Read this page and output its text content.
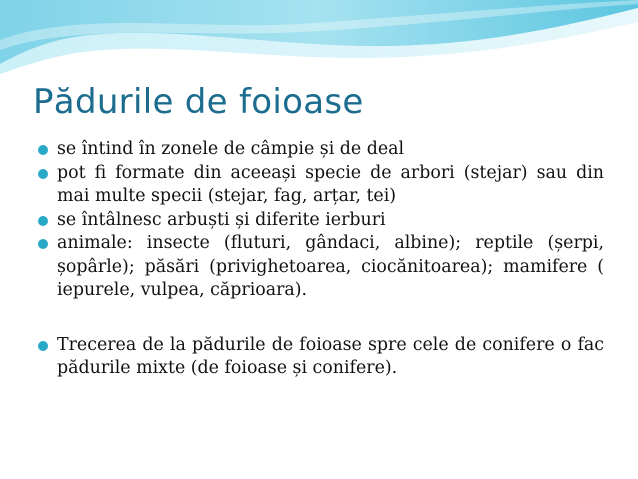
Pădurile de foioase
se întind în zonele de câmpie și de deal
pot fi formate din aceeași specie de arbori (stejar) sau din mai multe specii (stejar, fag, arțar, tei)
se întâlnesc arbuști și diferite ierburi
animale: insecte (fluturi, gândaci, albine); reptile (șerpi, șopârle); păsări (privighetoarea, ciocănitoarea); mamifere ( iepurele, vulpea, căprioara).
Trecerea de la pădurile de foioase spre cele de conifere o fac pădurile mixte (de foioase și conifere).
